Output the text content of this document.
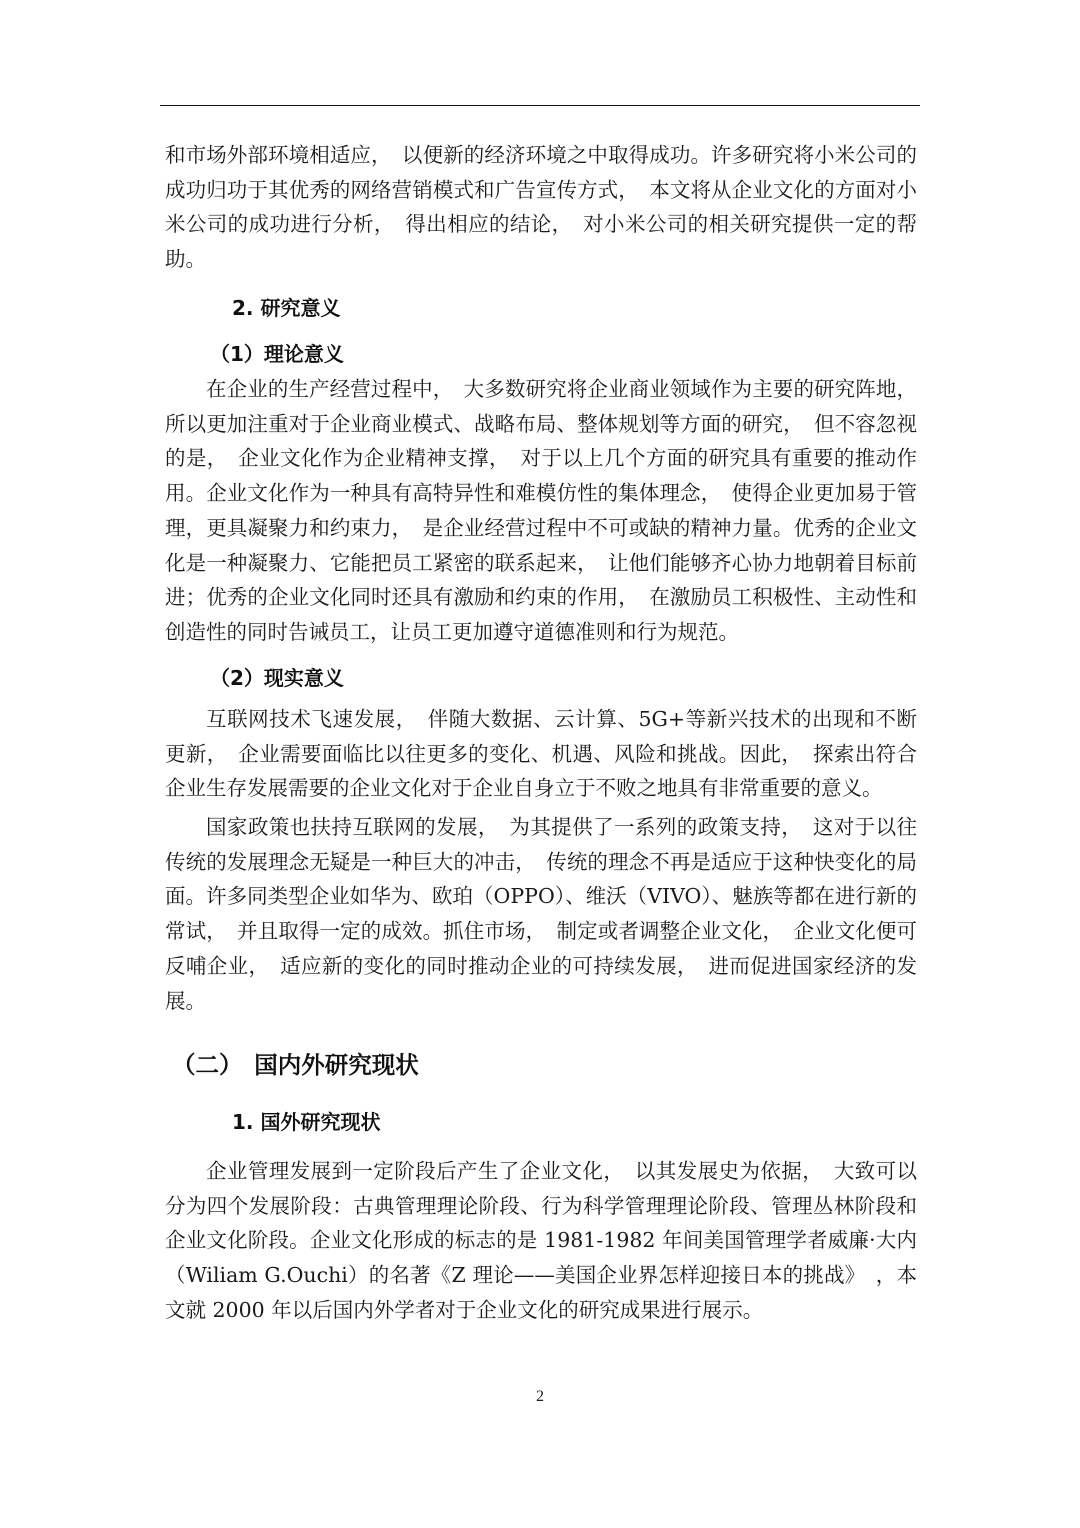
和市场外部环境相适应，　以便新的经济环境之中取得成功。许多研究将小米公司的成功归功于其优秀的网络营销模式和广告宣传方式，　本文将从企业文化的方面对小米公司的成功进行分析，　得出相应的结论，　对小米公司的相关研究提供一定的帮助。

2. 研究意义
（1）理论意义

在企业的生产经营过程中，　大多数研究将企业商业领域作为主要的研究阵地，所以更加注重对于企业商业模式、战略布局、整体规划等方面的研究，　但不容忽视的是，　企业文化作为企业精神支撑，　对于以上几个方面的研究具有重要的推动作用。企业文化作为一种具有高特异性和难模仿性的集体理念，　使得企业更加易于管理，更具凝聚力和约束力，　是企业经营过程中不可或缺的精神力量。优秀的企业文化是一种凝聚力、它能把员工紧密的联系起来，　让他们能够齐心协力地朝着目标前进；优秀的企业文化同时还具有激励和约束的作用，　在激励员工积极性、主动性和创造性的同时告诫员工，让员工更加遵守道德准则和行为规范。

（2）现实意义

互联网技术飞速发展，　伴随大数据、云计算、5G+等新兴技术的出现和不断更新，　企业需要面临比以往更多的变化、机遇、风险和挑战。因此，　探索出符合企业生存发展需要的企业文化对于企业自身立于不败之地具有非常重要的意义。

国家政策也扶持互联网的发展，　为其提供了一系列的政策支持，　这对于以往传统的发展理念无疑是一种巨大的冲击，　传统的理念不再是适应于这种快变化的局面。许多同类型企业如华为、欧珀（OPPO）、维沃（VIVO）、魅族等都在进行新的常试，　并且取得一定的成效。抓住市场，　制定或者调整企业文化，　企业文化便可反哺企业，　适应新的变化的同时推动企业的可持续发展，　进而促进国家经济的发展。

（二）　国内外研究现状
1. 国外研究现状

企业管理发展到一定阶段后产生了企业文化，　以其发展史为依据，　大致可以分为四个发展阶段：古典管理理论阶段、行为科学管理理论阶段、管理丛林阶段和企业文化阶段。企业文化形成的标志的是 1981-1982 年间美国管理学者威廉·大内（Wiliam G.Ouchi）的名著《Z 理论——美国企业界怎样迎接日本的挑战》　，本文就 2000 年以后国内外学者对于企业文化的研究成果进行展示。

2
